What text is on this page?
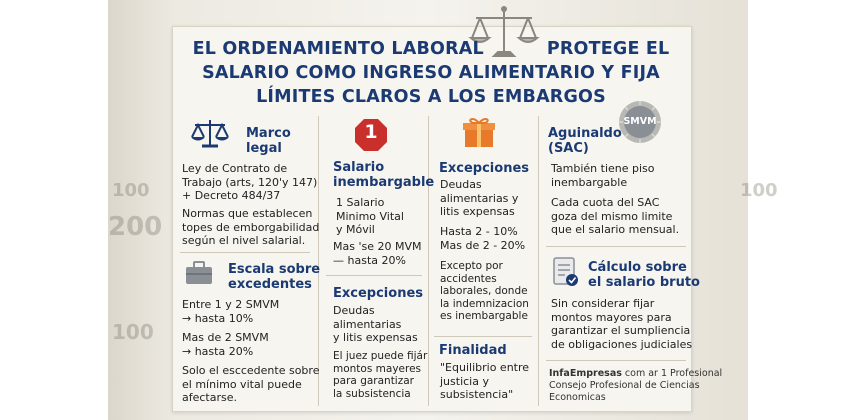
200
100
100
100
EL ORDENAMIENTO LABORAL          PROTEGE EL
SALARIO COMO INGRESO ALIMENTARIO Y FIJA
LÍMITES CLAROS A LOS EMBARGOS
Marco
legal
Ley de Contrato de
Trabajo (arts, 120'y 147)
+ Decreto 484/37
Normas que establecen
topes de emborgabilidad
según el nivel salarial.
Escala sobre
excedentes
Entre 1 y 2 SMVM
→ hasta 10%
Mas de 2 SMVM
→ hasta 20%
Solo el esccedente sobre
el mínimo vital puede
afectarse.
1
Salario
inembargable
1 Salario
Minimo Vital
y Móvil
Mas 'se 20 MVM
— hasta 20%
Excepciones
Deudas
alimentarias
y litis expensas
El juez puede fijár
montos mayeres
para garantizar
la subsistencia
Excepciones
Deudas
alimentarias y
litis expensas
Hasta 2 - 10%
Mas de 2 - 20%
Excepto por
accidentes
laborales, donde
la indemnizacion
es inembargable
Finalidad
"Equilibrio entre
justicia y
subsistencia"
Aguinaldo
(SAC)
SMVM
También tiene piso
inembargable
Cada cuota del SAC
goza del mismo limite
que el salario mensual.
Cálculo sobre
el salario bruto
Sin considerar fijar
montos mayores para
garantizar el sumpliencia
de obligaciones judiciales
InfaEmpresas com ar 1 Profesional
Consejo Profesional de Ciencias
Economicas
